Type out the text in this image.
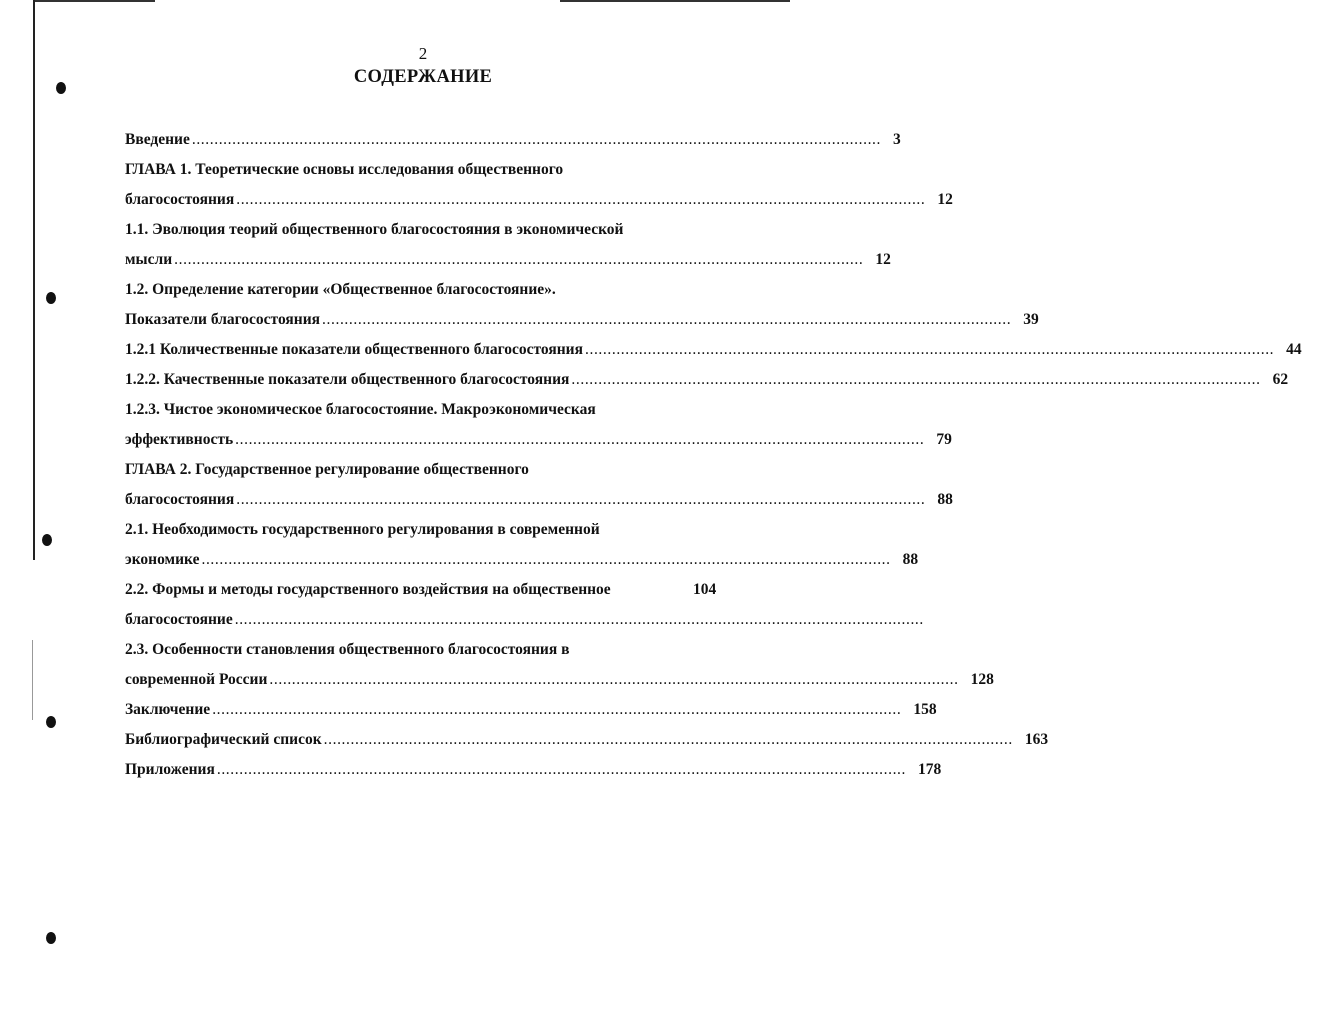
2
СОДЕРЖАНИЕ
Введение .......................................................................................................................................................... 3
ГЛАВА 1. Теоретические основы исследования общественного
благосостояния .......................................................................................................................................................... 12
1.1. Эволюция теорий общественного благосостояния в экономической
мысли .......................................................................................................................................................... 12
1.2. Определение категории «Общественное благосостояние».
Показатели благосостояния .......................................................................................................................................................... 39
1.2.1 Количественные показатели общественного благосостояния .......................................................................................................................................................... 44
1.2.2. Качественные показатели общественного благосостояния .......................................................................................................................................................... 62
1.2.3. Чистое экономическое благосостояние. Макроэкономическая
эффективность .......................................................................................................................................................... 79
ГЛАВА 2. Государственное регулирование общественного
благосостояния .......................................................................................................................................................... 88
2.1. Необходимость государственного регулирования в современной
экономике .......................................................................................................................................................... 88
2.2. Формы и методы государственного воздействия на общественное	104
благосостояние ..........................................................................................................................................................
2.3. Особенности становления общественного благосостояния в
современной России .......................................................................................................................................................... 128
Заключение .......................................................................................................................................................... 158
Библиографический список .......................................................................................................................................................... 163
Приложения .......................................................................................................................................................... 178
